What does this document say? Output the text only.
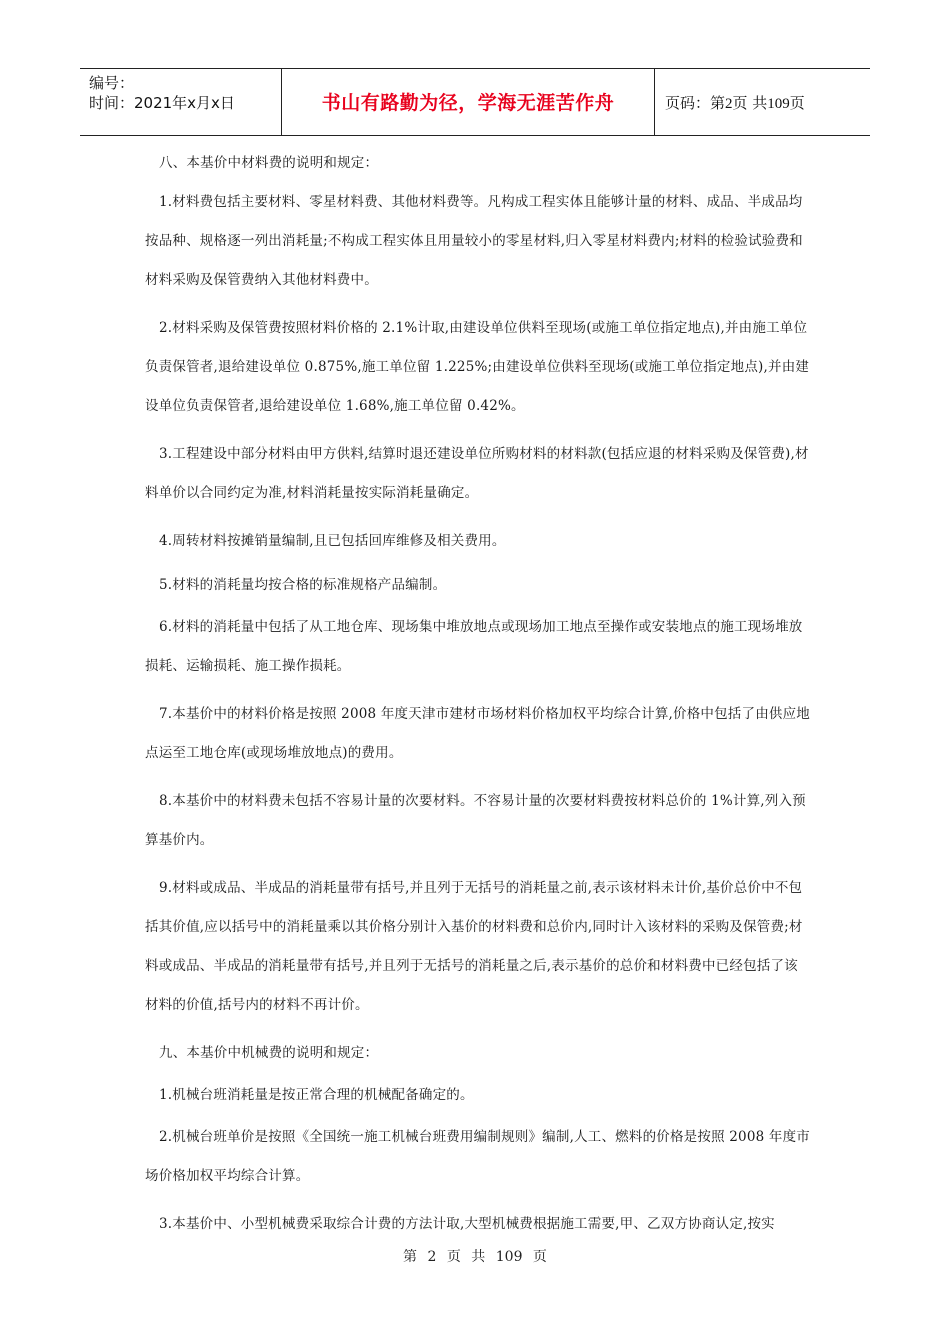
编号：
时间：2021年x月x日	书山有路勤为径，学海无涯苦作舟	页码：第2页 共109页

八、本基价中材料费的说明和规定：

1.材料费包括主要材料、零星材料费、其他材料费等。凡构成工程实体且能够计量的材料、成品、半成品均按品种、规格逐一列出消耗量;不构成工程实体且用量较小的零星材料,归入零星材料费内;材料的检验试验费和材料采购及保管费纳入其他材料费中。

2.材料采购及保管费按照材料价格的 2.1%计取,由建设单位供料至现场(或施工单位指定地点),并由施工单位负责保管者,退给建设单位 0.875%,施工单位留 1.225%;由建设单位供料至现场(或施工单位指定地点),并由建设单位负责保管者,退给建设单位 1.68%,施工单位留 0.42%。

3.工程建设中部分材料由甲方供料,结算时退还建设单位所购材料的材料款(包括应退的材料采购及保管费),材料单价以合同约定为准,材料消耗量按实际消耗量确定。

4.周转材料按摊销量编制,且已包括回库维修及相关费用。

5.材料的消耗量均按合格的标准规格产品编制。

6.材料的消耗量中包括了从工地仓库、现场集中堆放地点或现场加工地点至操作或安装地点的施工现场堆放损耗、运输损耗、施工操作损耗。

7.本基价中的材料价格是按照 2008 年度天津市建材市场材料价格加权平均综合计算,价格中包括了由供应地点运至工地仓库(或现场堆放地点)的费用。

8.本基价中的材料费未包括不容易计量的次要材料。不容易计量的次要材料费按材料总价的 1%计算,列入预算基价内。

9.材料或成品、半成品的消耗量带有括号,并且列于无括号的消耗量之前,表示该材料未计价,基价总价中不包括其价值,应以括号中的消耗量乘以其价格分别计入基价的材料费和总价内,同时计入该材料的采购及保管费;材料或成品、半成品的消耗量带有括号,并且列于无括号的消耗量之后,表示基价的总价和材料费中已经包括了该材料的价值,括号内的材料不再计价。

九、本基价中机械费的说明和规定：

1.机械台班消耗量是按正常合理的机械配备确定的。

2.机械台班单价是按照《全国统一施工机械台班费用编制规则》编制,人工、燃料的价格是按照 2008 年度市场价格加权平均综合计算。

3.本基价中、小型机械费采取综合计费的方法计取,大型机械费根据施工需要,甲、乙双方协商认定,按实

第 2 页 共 109 页
